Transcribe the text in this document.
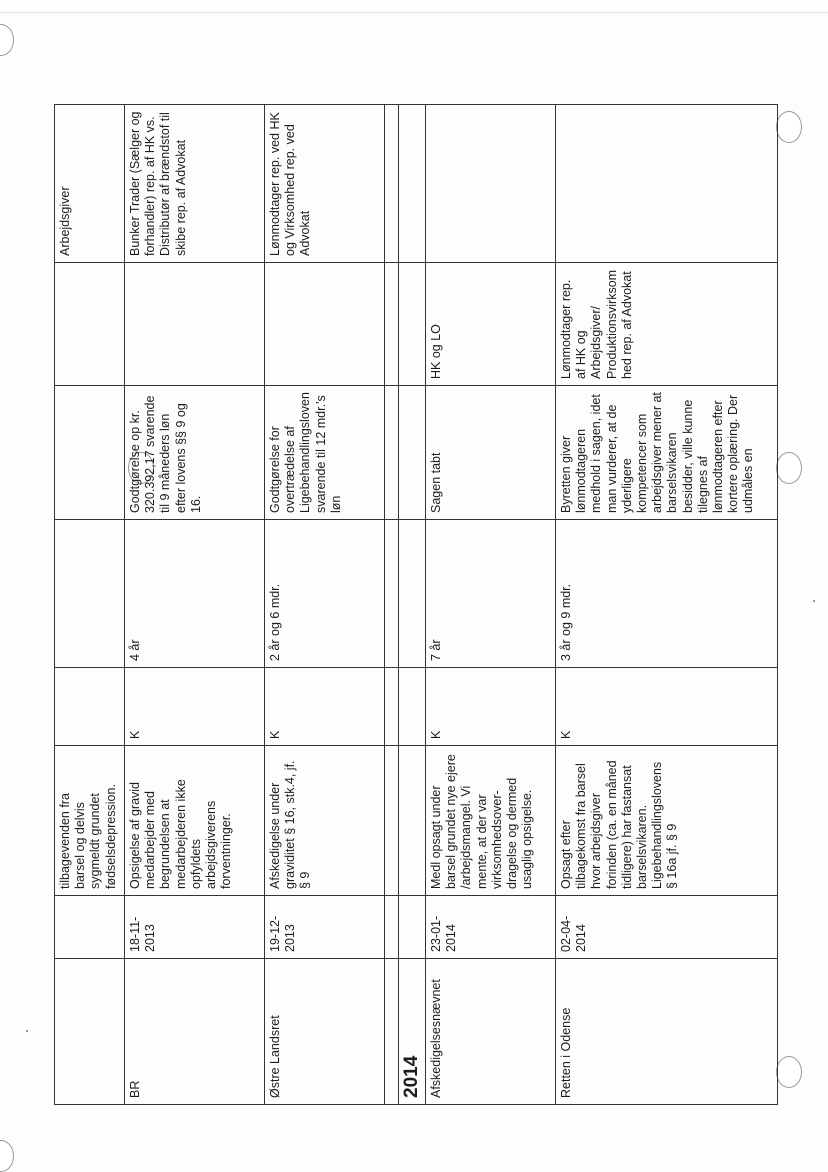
		tilbagevenden fra barsel og delvis sygmeldt grundet fødselsdepression.					Arbejdsgiver
BR	18-11-2013	Opsigelse af gravid medarbejder med begrundelsen at medarbejderen ikke opfyldets arbejdsgiverens forventninger.	K	4 år	Godtgørelse op kr. 320.392,17 svarende til 9 måneders løn efter lovens §§ 9 og 16.		Bunker Trader (Sælger og forhandler) rep. af HK vs. Distributør af brændstof til skibe rep. af Advokat
Østre Landsret	19-12-2013	Afskedigelse under graviditet § 16, stk.4, jf. § 9	K	2 år og 6 mdr.	Godtgørelse for overtrædelse af Ligebehandlingsloven svarende til 12 mdr.'s løn		Lønmodtager rep. ved HK og Virksomhed rep. ved Advokat

2014							
Afskedigelsesnævnet	23-01-2014	Medl opsagt under barsel grundet nye ejere /arbejdsmangel. Vi mente, at der var virksomhedsover-dragelse og dermed usaglig opsigelse.	K	7 år	Sagen tabt	HK og LO	
Retten i Odense	02-04-2014	Opsagt efter tilbagekomst fra barsel hvor arbejdsgiver forinden (ca. en måned tidligere) har fastansat barselsvikaren. Ligebehandlingslovens § 16a jf. § 9	K	3 år og 9 mdr.	Byretten giver lønmodtageren medhold i sagen, idet man vurderer, at de yderligere kompetencer som arbejdsgiver mener at barselsvikaren besidder, ville kunne tilegnes af lønmodtageren efter kortere oplæring. Der udmåles en	Lønmodtager rep. af HK og Arbejdsgiver/ Produktionsvirksomhed rep. af Advokat	
